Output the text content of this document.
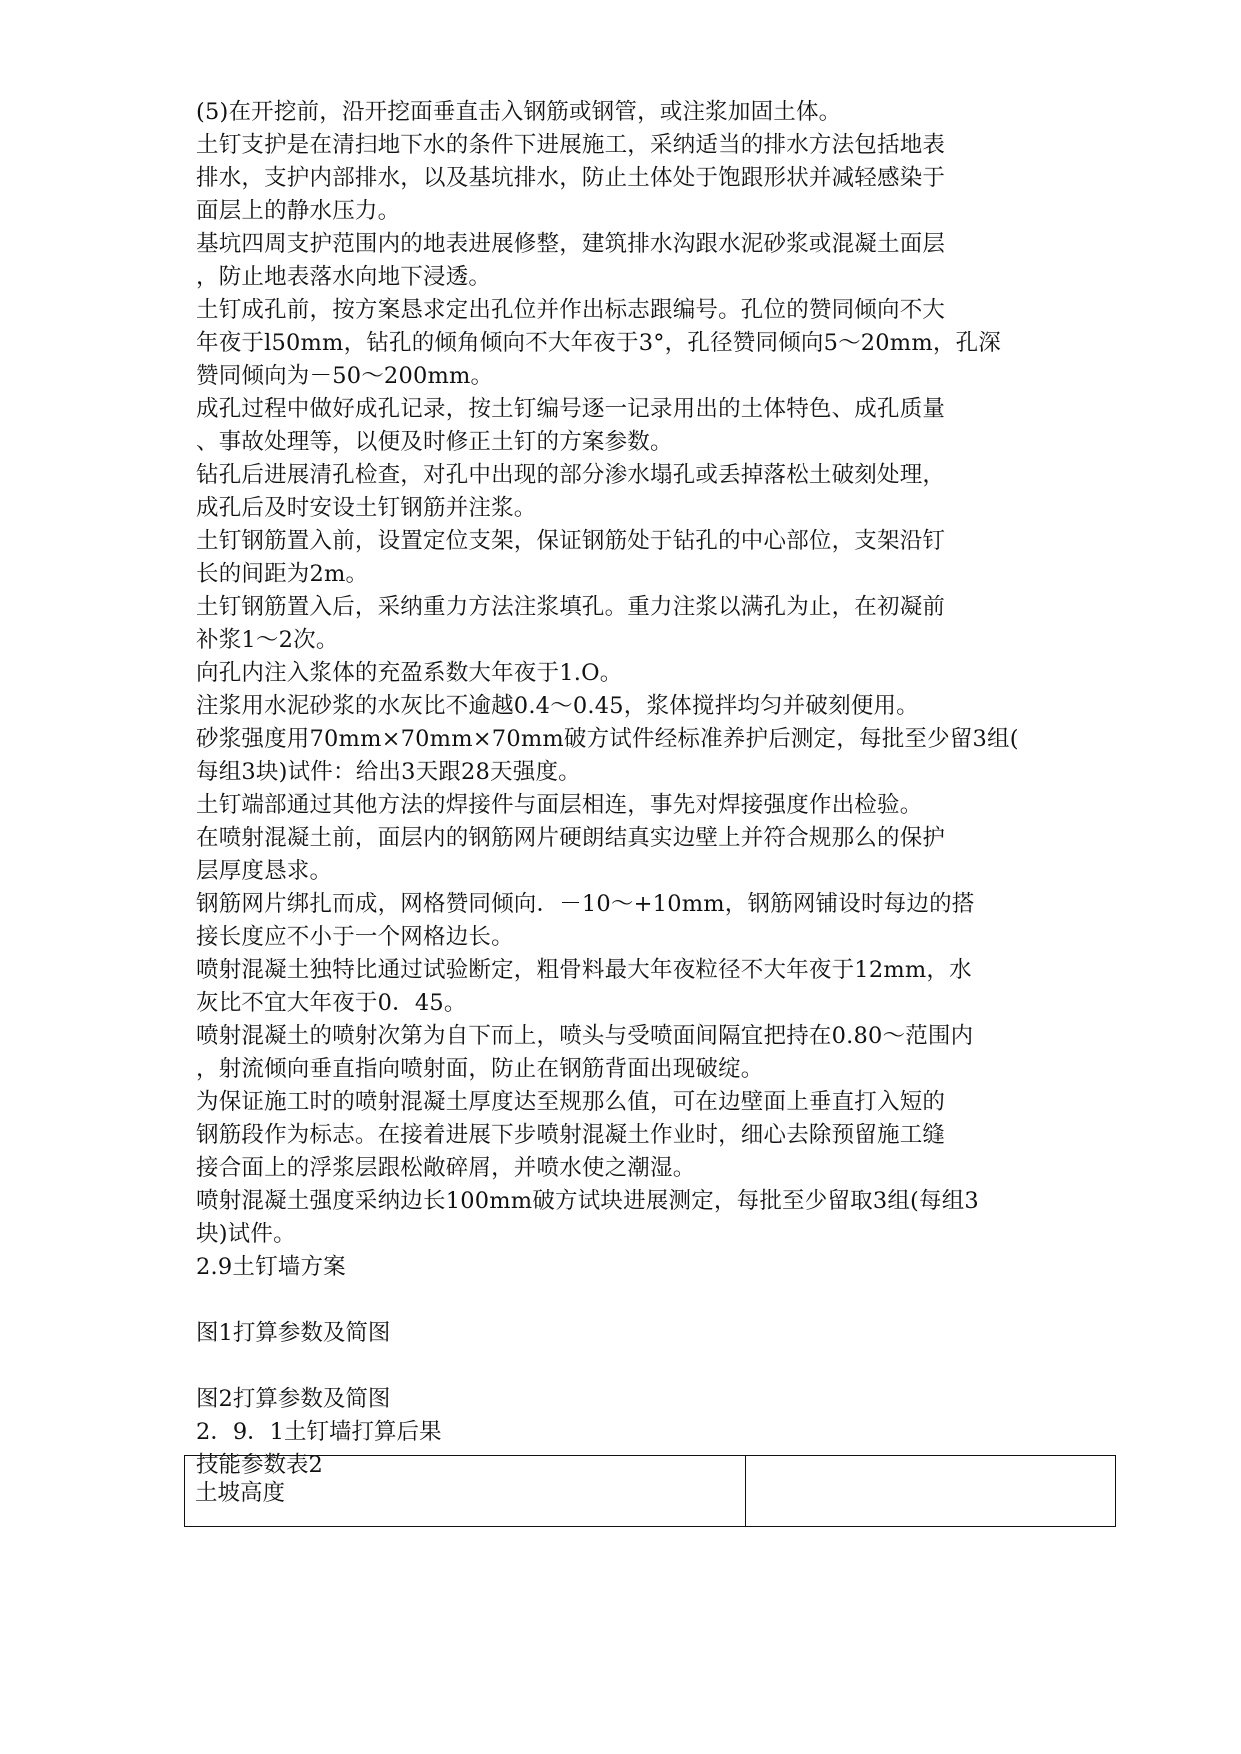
(5)在开挖前，沿开挖面垂直击入钢筋或钢管，或注浆加固土体。

土钉支护是在清扫地下水的条件下进展施工，采纳适当的排水方法包括地表
排水，支护内部排水，以及基坑排水，防止土体处于饱跟形状并减轻感染于
面层上的静水压力。

基坑四周支护范围内的地表进展修整，建筑排水沟跟水泥砂浆或混凝土面层
，防止地表落水向地下浸透。

土钉成孔前，按方案恳求定出孔位并作出标志跟编号。孔位的赞同倾向不大
年夜于l50mm，钻孔的倾角倾向不大年夜于3°，孔径赞同倾向5～20mm，孔深
赞同倾向为－50～200mm。

成孔过程中做好成孔记录，按土钉编号逐一记录用出的土体特色、成孔质量
、事故处理等，以便及时修正土钉的方案参数。

钻孔后进展清孔检查，对孔中出现的部分渗水塌孔或丢掉落松土破刻处理，
成孔后及时安设土钉钢筋并注浆。

土钉钢筋置入前，设置定位支架，保证钢筋处于钻孔的中心部位，支架沿钉
长的间距为2m。

土钉钢筋置入后，采纳重力方法注浆填孔。重力注浆以满孔为止，在初凝前
补浆1～2次。

向孔内注入浆体的充盈系数大年夜于1.O。

注浆用水泥砂浆的水灰比不逾越0.4～0.45，浆体搅拌均匀并破刻便用。

砂浆强度用70mm×70mm×70mm破方试件经标准养护后测定，每批至少留3组(
每组3块)试件：给出3天跟28天强度。

土钉端部通过其他方法的焊接件与面层相连，事先对焊接强度作出检验。

在喷射混凝土前，面层内的钢筋网片硬朗结真实边壁上并符合规那么的保护
层厚度恳求。

钢筋网片绑扎而成，网格赞同倾向．－10～+10mm，钢筋网铺设时每边的搭
接长度应不小于一个网格边长。

喷射混凝土独特比通过试验断定，粗骨料最大年夜粒径不大年夜于12mm，水
灰比不宜大年夜于0．45。

喷射混凝土的喷射次第为自下而上，喷头与受喷面间隔宜把持在0.80～范围内
，射流倾向垂直指向喷射面，防止在钢筋背面出现破绽。

为保证施工时的喷射混凝土厚度达至规那么值，可在边壁面上垂直打入短的
钢筋段作为标志。在接着进展下步喷射混凝土作业时，细心去除预留施工缝
接合面上的浮浆层跟松敞碎屑，并喷水使之潮湿。

喷射混凝土强度采纳边长100mm破方试块进展测定，每批至少留取3组(每组3
块)试件。

2.9土钉墙方案

图1打算参数及简图

图2打算参数及简图

2．9．1土钉墙打算后果

技能参数表2

土坡高度	
